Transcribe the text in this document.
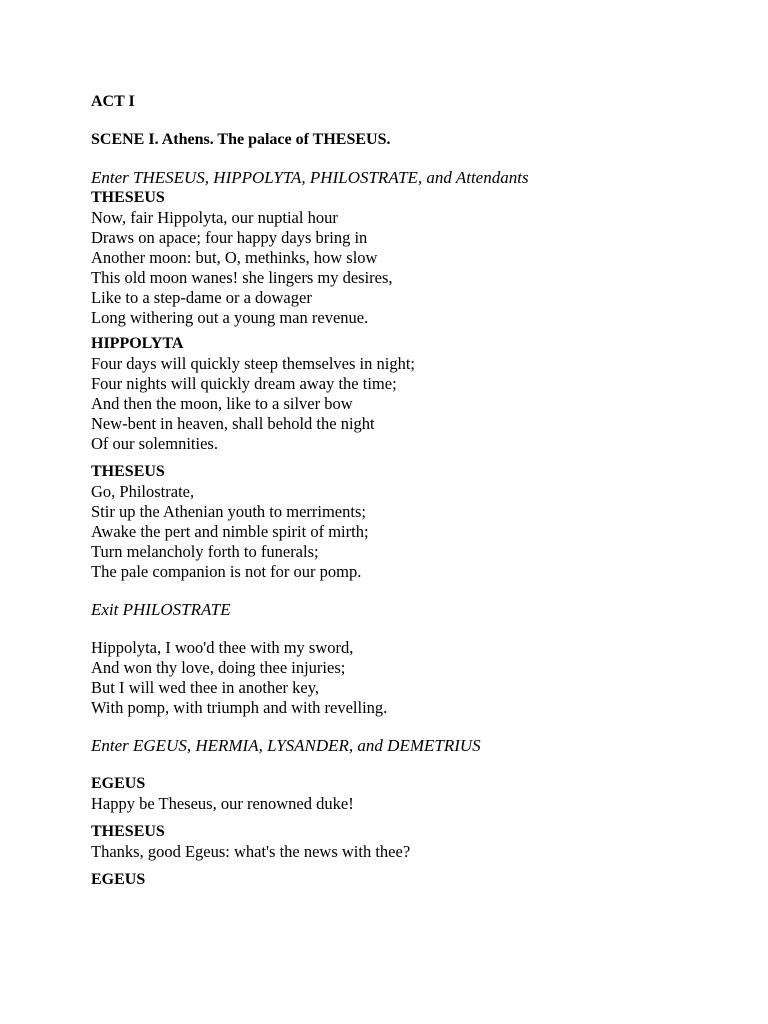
ACT I

SCENE I. Athens. The palace of THESEUS.

Enter THESEUS, HIPPOLYTA, PHILOSTRATE, and Attendants

THESEUS

Now, fair Hippolyta, our nuptial hour

Draws on apace; four happy days bring in

Another moon: but, O, methinks, how slow

This old moon wanes! she lingers my desires,

Like to a step-dame or a dowager

Long withering out a young man revenue.

HIPPOLYTA

Four days will quickly steep themselves in night;

Four nights will quickly dream away the time;

And then the moon, like to a silver bow

New-bent in heaven, shall behold the night

Of our solemnities.

THESEUS

Go, Philostrate,

Stir up the Athenian youth to merriments;

Awake the pert and nimble spirit of mirth;

Turn melancholy forth to funerals;

The pale companion is not for our pomp.

Exit PHILOSTRATE

Hippolyta, I woo'd thee with my sword,

And won thy love, doing thee injuries;

But I will wed thee in another key,

With pomp, with triumph and with revelling.

Enter EGEUS, HERMIA, LYSANDER, and DEMETRIUS

EGEUS

Happy be Theseus, our renowned duke!

THESEUS

Thanks, good Egeus: what's the news with thee?

EGEUS
